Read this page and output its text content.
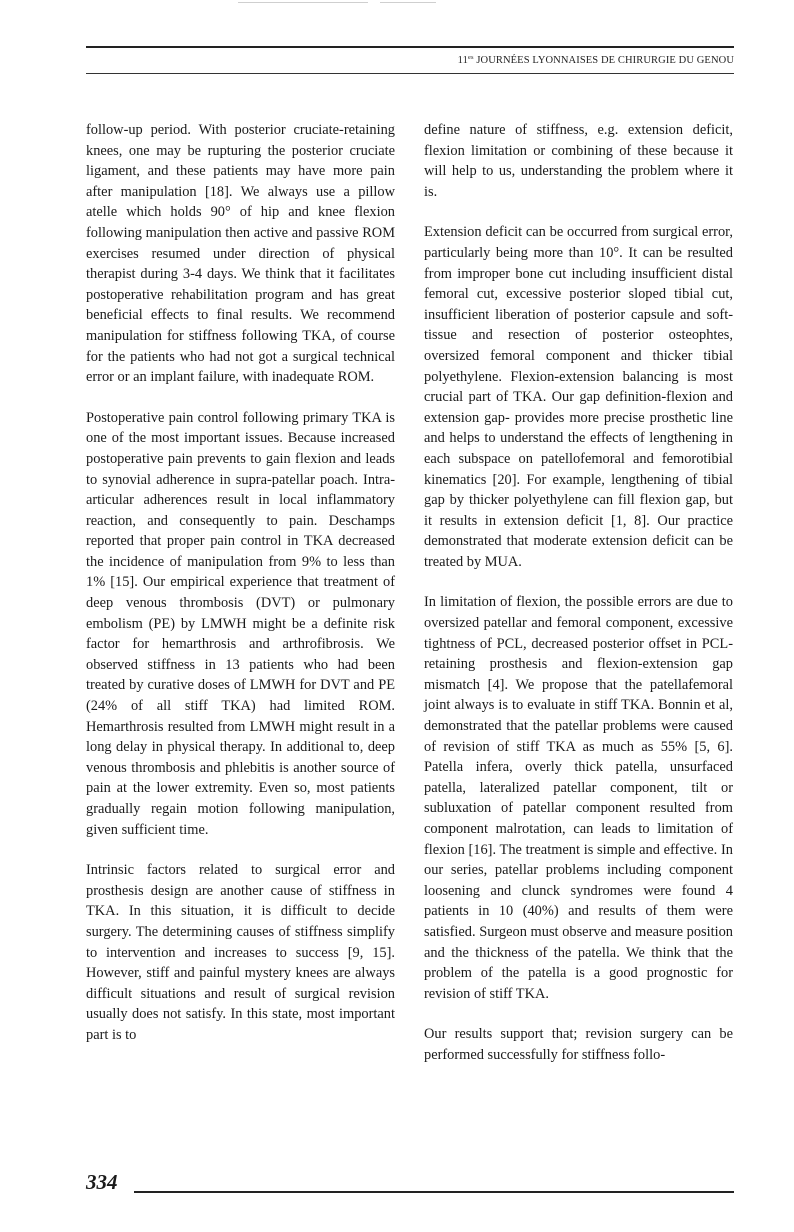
$11^{es}$ JOURNÉES LYONNAISES DE CHIRURGIE DU GENOU

follow-up period. With posterior cruciate-retaining knees, one may be rupturing the posterior cruciate ligament, and these patients may have more pain after manipulation [18]. We always use a pillow atelle which holds 90° of hip and knee flexion following manipulation then active and passive ROM exercises resumed under direction of physical therapist during 3-4 days. We think that it facilitates postoperative rehabilitation program and has great beneficial effects to final results. We recommend manipulation for stiffness following TKA, of course for the patients who had not got a surgical technical error or an implant failure, with inadequate ROM.

Postoperative pain control following primary TKA is one of the most important issues. Because increased postoperative pain prevents to gain flexion and leads to synovial adherence in supra-patellar poach. Intra-articular adherences result in local inflammatory reaction, and consequently to pain. Deschamps reported that proper pain control in TKA decreased the incidence of manipulation from 9% to less than 1% [15]. Our empirical experience that treatment of deep venous thrombosis (DVT) or pulmonary embolism (PE) by LMWH might be a definite risk factor for hemarthrosis and arthrofibrosis. We observed stiffness in 13 patients who had been treated by curative doses of LMWH for DVT and PE (24% of all stiff TKA) had limited ROM. Hemarthrosis resulted from LMWH might result in a long delay in physical therapy. In additional to, deep venous thrombosis and phlebitis is another source of pain at the lower extremity. Even so, most patients gradually regain motion following manipulation, given sufficient time.

Intrinsic factors related to surgical error and prosthesis design are another cause of stiffness in TKA. In this situation, it is difficult to decide surgery. The determining causes of stiffness simplify to intervention and increases to success [9, 15]. However, stiff and painful mystery knees are always difficult situations and result of surgical revision usually does not satisfy. In this state, most important part is to

define nature of stiffness, e.g. extension deficit, flexion limitation or combining of these because it will help to us, understanding the problem where it is.

Extension deficit can be occurred from surgical error, particularly being more than 10°. It can be resulted from improper bone cut including insufficient distal femoral cut, excessive posterior sloped tibial cut, insufficient liberation of posterior capsule and soft-tissue and resection of posterior osteophtes, oversized femoral component and thicker tibial polyethylene. Flexion-extension balancing is most crucial part of TKA. Our gap definition-flexion and extension gap- provides more precise prosthetic line and helps to understand the effects of lengthening in each subspace on patellofemoral and femorotibial kinematics [20]. For example, lengthening of tibial gap by thicker polyethylene can fill flexion gap, but it results in extension deficit [1, 8]. Our practice demonstrated that moderate extension deficit can be treated by MUA.

In limitation of flexion, the possible errors are due to oversized patellar and femoral component, excessive tightness of PCL, decreased posterior offset in PCL-retaining prosthesis and flexion-extension gap mismatch [4]. We propose that the patellafemoral joint always is to evaluate in stiff TKA. Bonnin et al, demonstrated that the patellar problems were caused of revision of stiff TKA as much as 55% [5, 6]. Patella infera, overly thick patella, unsurfaced patella, lateralized patellar component, tilt or subluxation of patellar component resulted from component malrotation, can leads to limitation of flexion [16]. The treatment is simple and effective. In our series, patellar problems including component loosening and clunck syndromes were found 4 patients in 10 (40%) and results of them were satisfied. Surgeon must observe and measure position and the thickness of the patella. We think that the problem of the patella is a good prognostic for revision of stiff TKA.

Our results support that; revision surgery can be performed successfully for stiffness follo-

334
